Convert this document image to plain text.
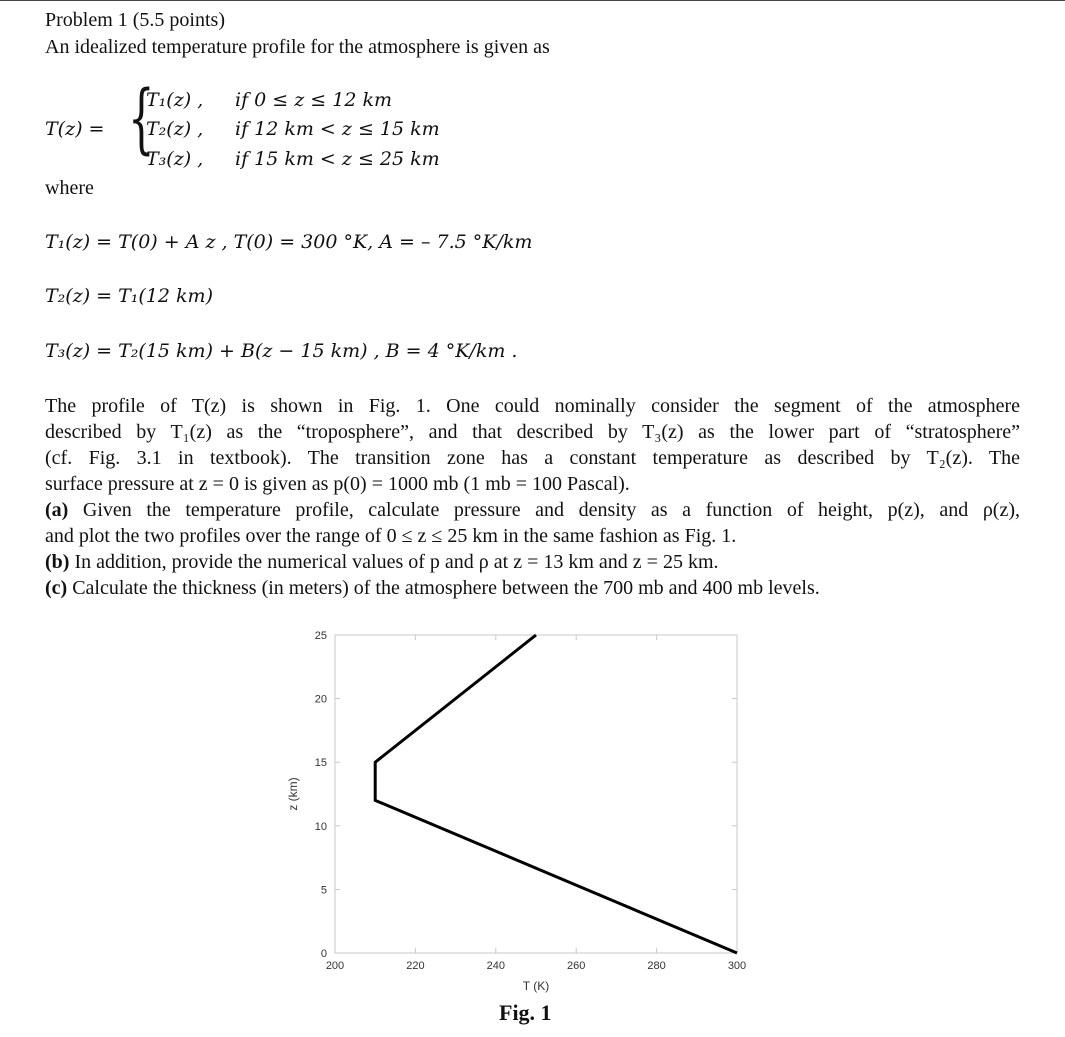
Problem 1 (5.5 points)
An idealized temperature profile for the atmosphere is given as
T(z) = {
T₁(z) , if 0 ≤ z ≤ 12 km
T₂(z) , if 12 km < z ≤ 15 km
T₃(z) , if 15 km < z ≤ 25 km
where
T₁(z) = T(0) + A z , T(0) = 300 °K, A = – 7.5 °K/km
T₂(z) = T₁(12 km)
T₃(z) = T₂(15 km) + B(z − 15 km) , B = 4 °K/km .

The profile of T(z) is shown in Fig. 1. One could nominally consider the segment of the atmosphere

described by T₁(z) as the “troposphere”, and that described by T₃(z) as the lower part of “stratosphere”

(cf. Fig. 3.1 in textbook). The transition zone has a constant temperature as described by T₂(z). The

surface pressure at z = 0 is given as p(0) = 1000 mb (1 mb = 100 Pascal).

(a) Given the temperature profile, calculate pressure and density as a function of height, p(z), and ρ(z),

and plot the two profiles over the range of 0 ≤ z ≤ 25 km in the same fashion as Fig. 1.

(b) In addition, provide the numerical values of p and ρ at z = 13 km and z = 25 km.

(c) Calculate the thickness (in meters) of the atmosphere between the 700 mb and 400 mb levels.

0
5
10
15
20
25
200	220	240	260	280	300
T (K)
z (km)
Fig. 1
